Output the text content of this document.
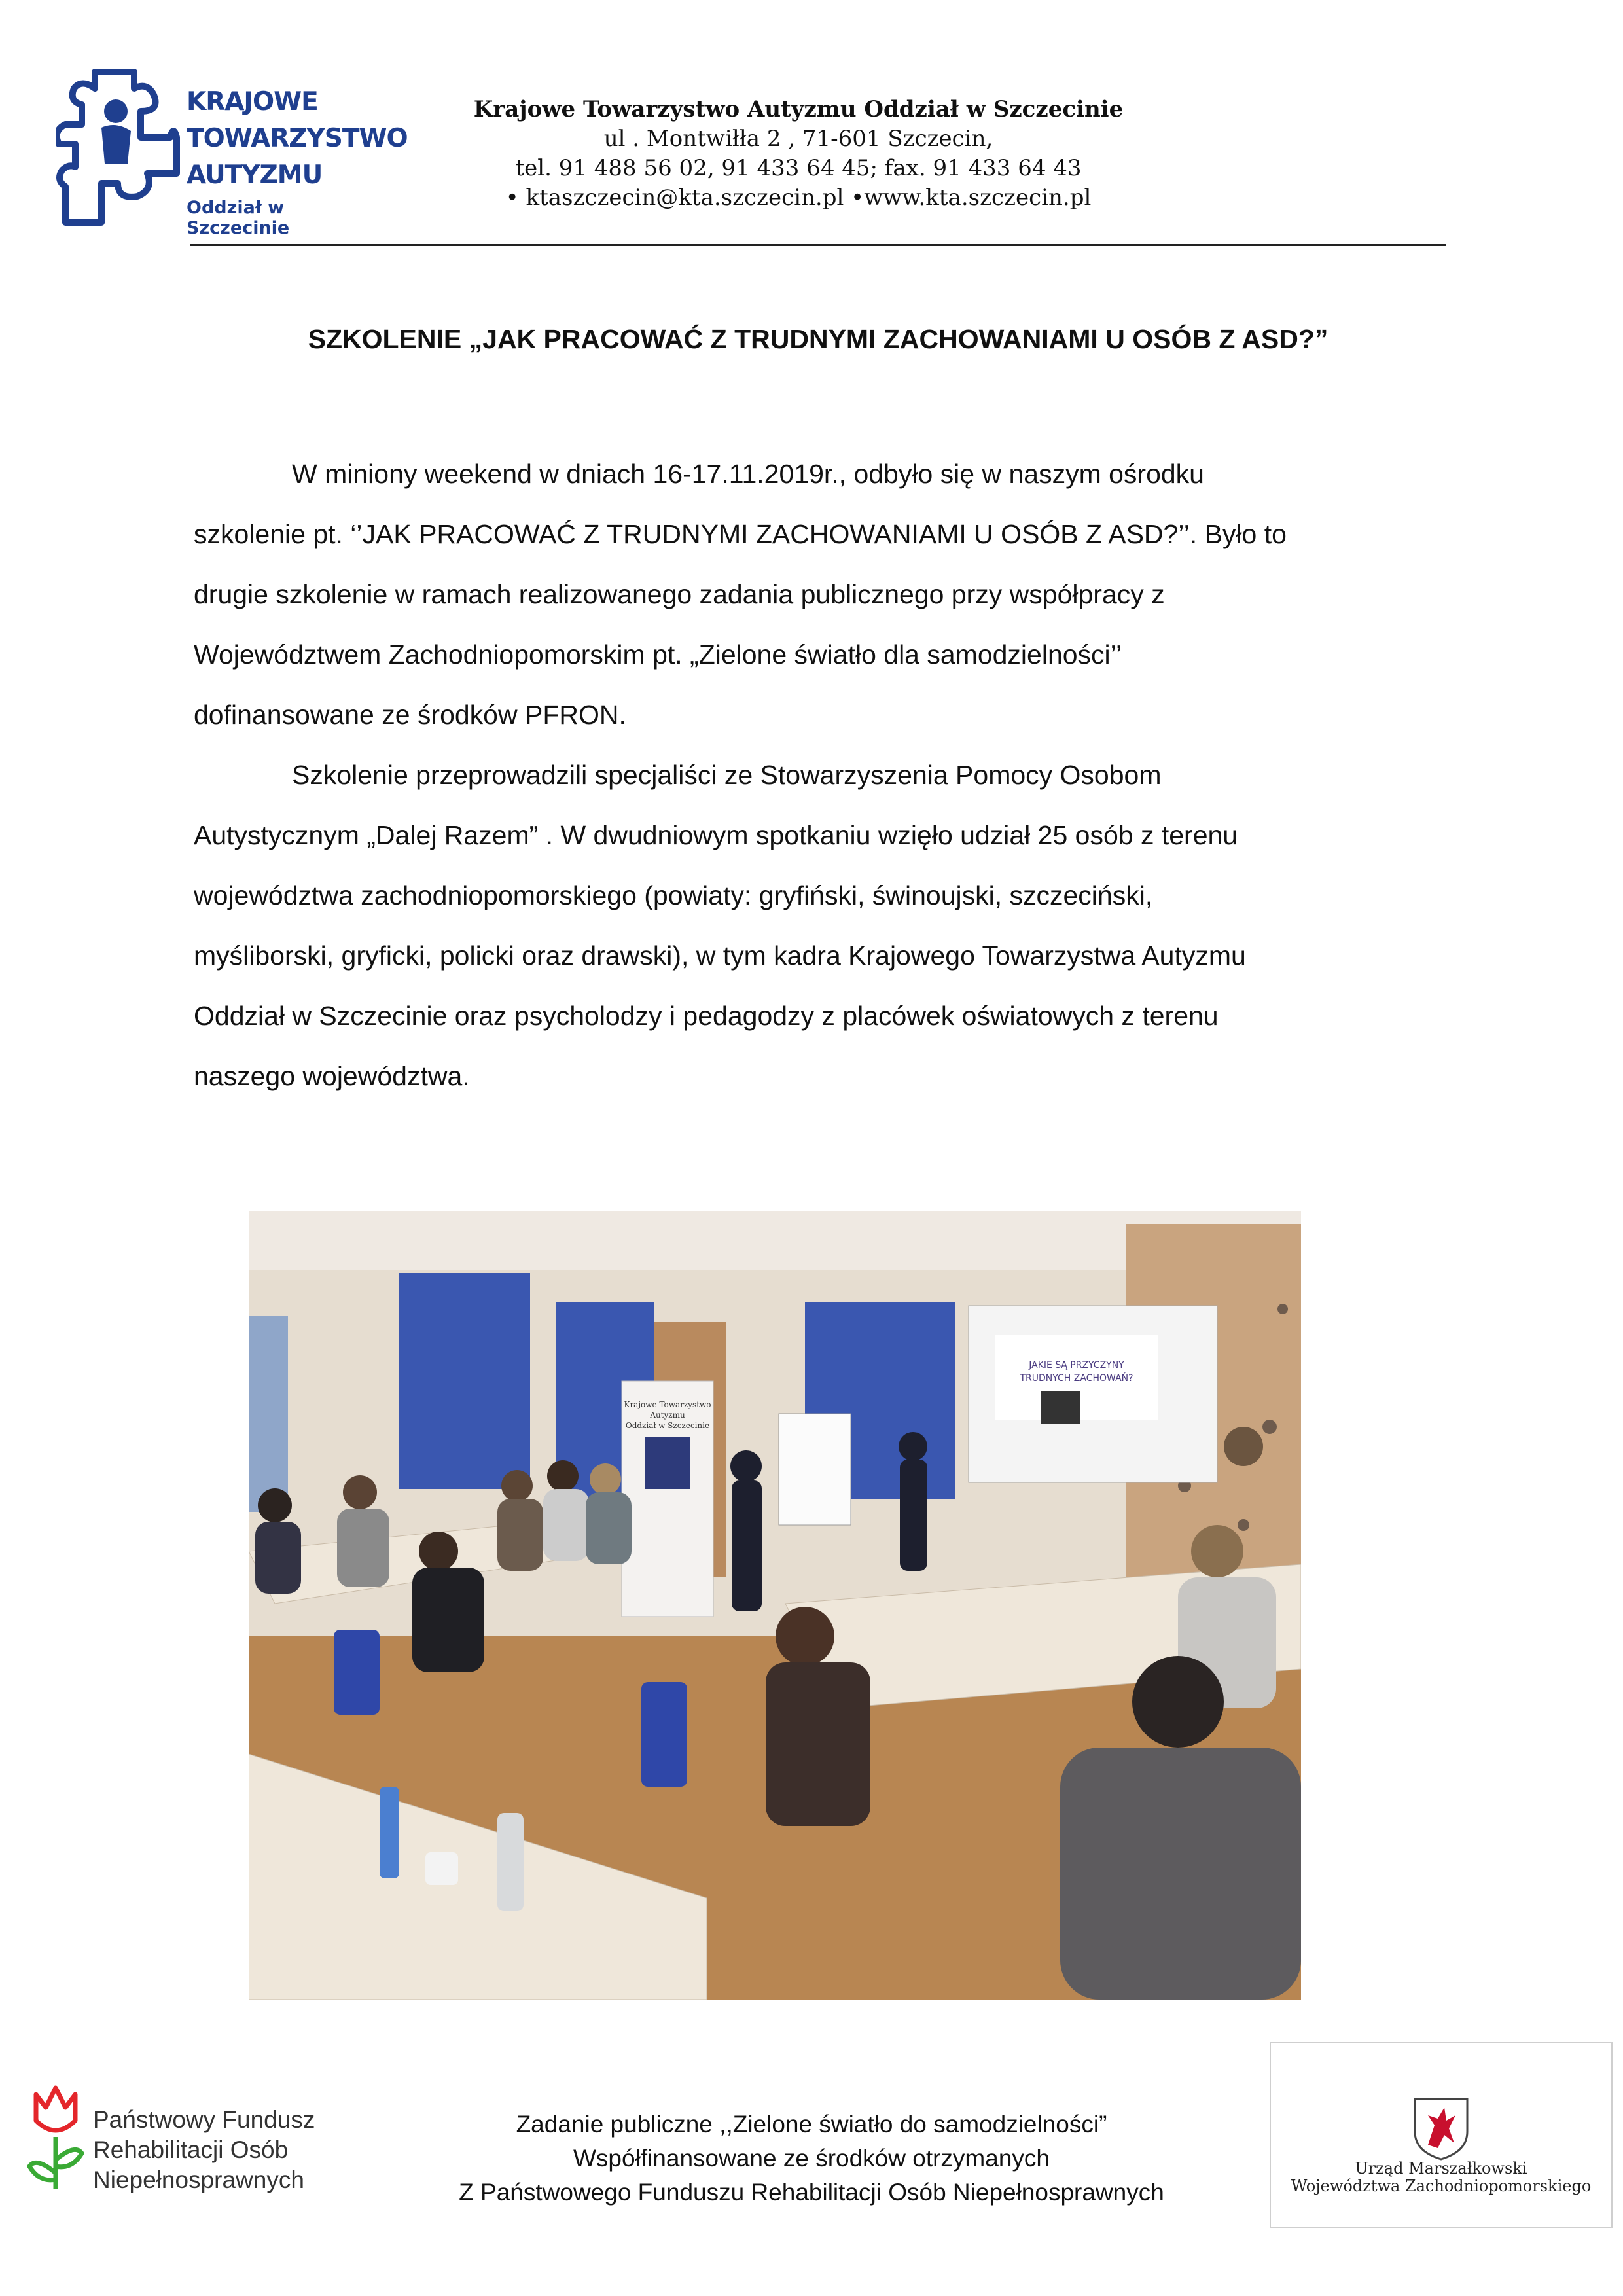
KRAJOWE
TOWARZYSTWO
AUTYZMU
Oddział w Szczecinie
Krajowe Towarzystwo Autyzmu Oddział w Szczecinie
ul . Montwiłła 2 , 71-601 Szczecin,
tel. 91 488 56 02, 91 433 64 45; fax. 91 433 64 43
• ktaszczecin@kta.szczecin.pl •www.kta.szczecin.pl
SZKOLENIE „JAK PRACOWAĆ Z TRUDNYMI ZACHOWANIAMI U OSÓB Z ASD?”
W miniony weekend w dniach 16-17.11.2019r., odbyło się w naszym ośrodku
szkolenie pt. ‘’JAK PRACOWAĆ Z TRUDNYMI ZACHOWANIAMI U OSÓB Z ASD?’’. Było to
drugie szkolenie w ramach realizowanego zadania publicznego przy współpracy z
Województwem Zachodniopomorskim pt. „Zielone światło dla samodzielności’’
dofinansowane ze środków PFRON.
Szkolenie przeprowadzili specjaliści ze Stowarzyszenia Pomocy Osobom
Autystycznym „Dalej Razem” . W dwudniowym spotkaniu wzięło udział 25 osób z terenu
województwa zachodniopomorskiego (powiaty: gryfiński, świnoujski, szczeciński,
myśliborski, gryficki, policki oraz drawski), w tym kadra Krajowego Towarzystwa Autyzmu
Oddział w Szczecinie oraz psycholodzy i pedagodzy z placówek oświatowych z terenu
naszego województwa.
Krajowe Towarzystwo
Autyzmu
Oddział w Szczecinie
JAKIE SĄ PRZYCZYNY
TRUDNYCH ZACHOWAŃ?
Państwowy Fundusz
Rehabilitacji Osób
Niepełnosprawnych
Zadanie publiczne ,,Zielone światło do samodzielności”
Współfinansowane ze środków otrzymanych
Z Państwowego Funduszu Rehabilitacji Osób Niepełnosprawnych
Urząd Marszałkowski
Województwa Zachodniopomorskiego
